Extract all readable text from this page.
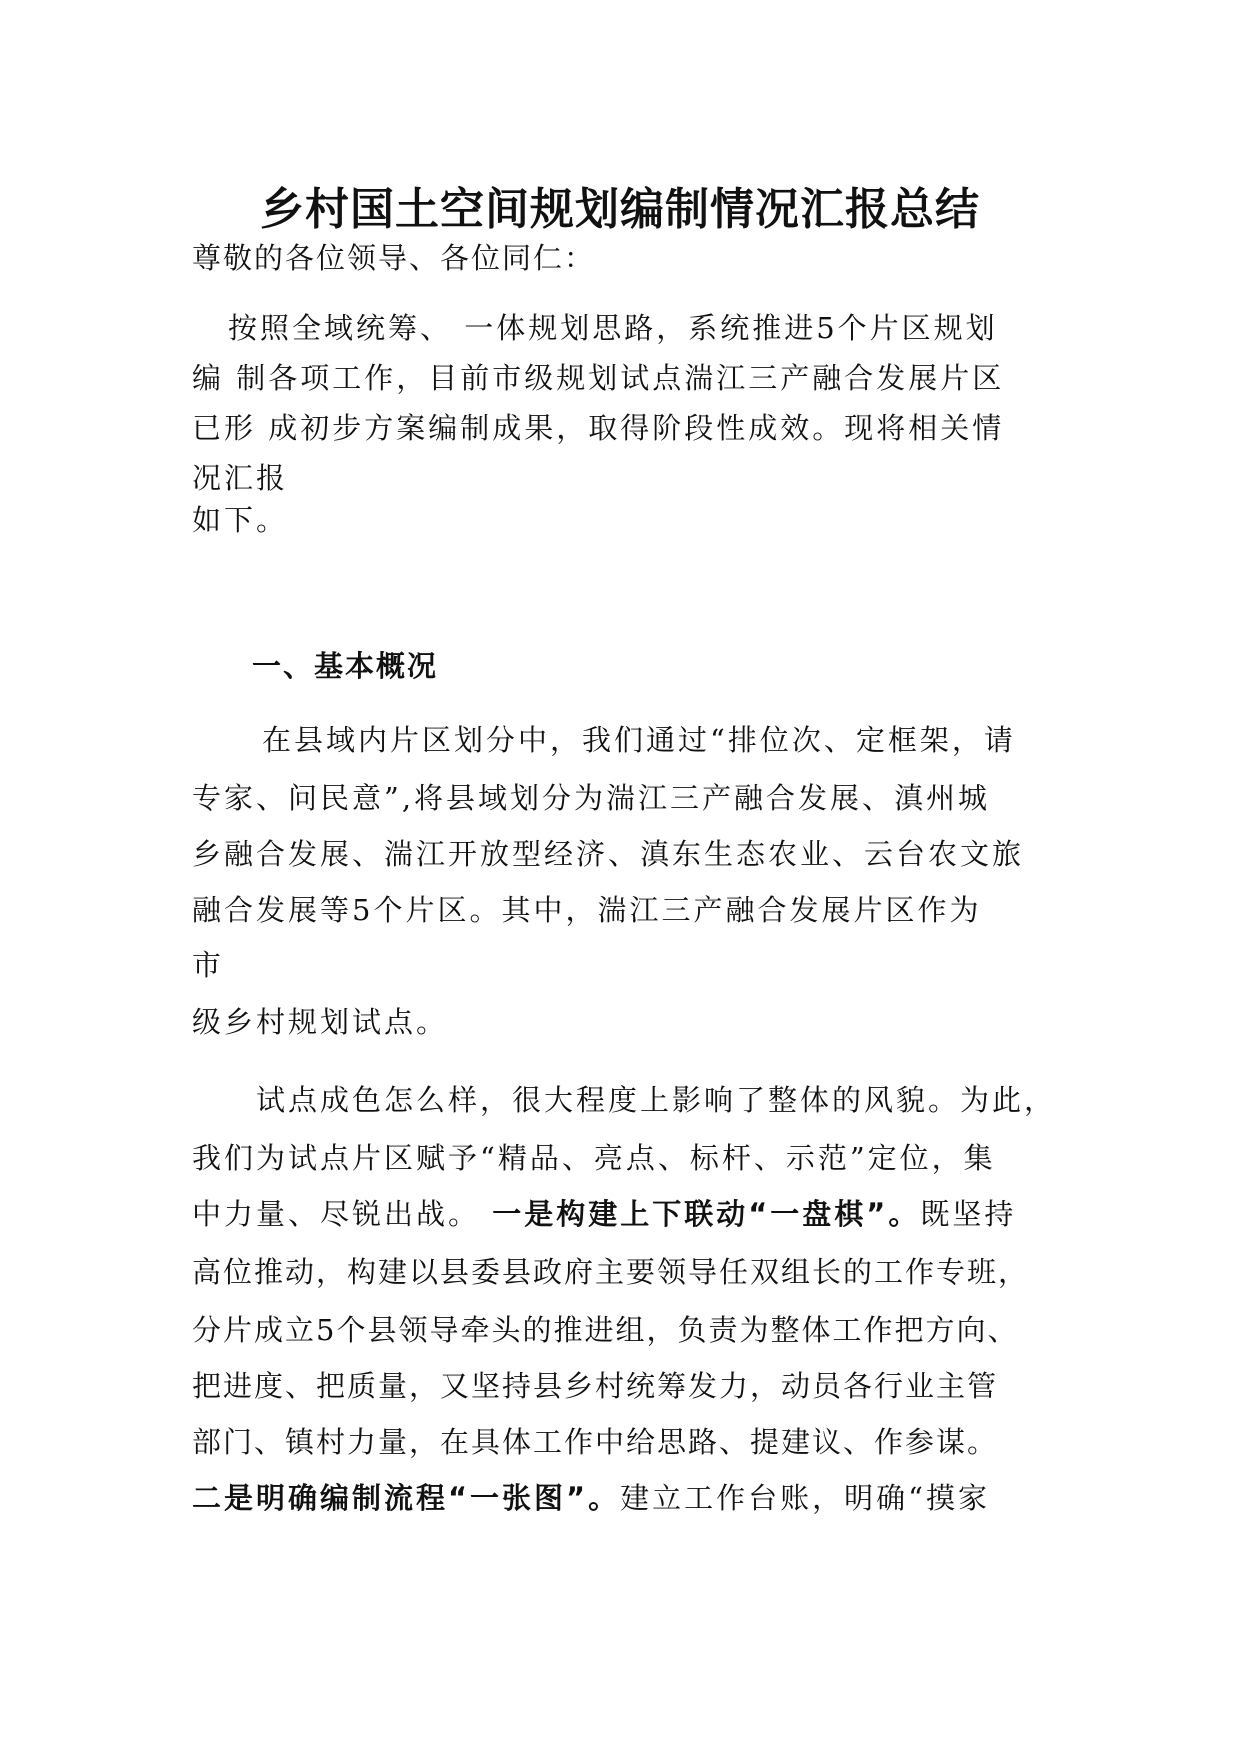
乡村国土空间规划编制情况汇报总结
尊敬的各位领导、各位同仁：
按照全域统筹、 一体规划思路，系统推进5个片区规划
编 制各项工作，目前市级规划试点湍江三产融合发展片区
已形 成初步方案编制成果，取得阶段性成效。现将相关情
况汇报
如下。
一、基本概况
在县域内片区划分中，我们通过“排位次、定框架，请
专家、问民意”,将县域划分为湍江三产融合发展、滇州城
乡融合发展、湍江开放型经济、滇东生态农业、云台农文旅
融合发展等5个片区。其中，湍江三产融合发展片区作为
市
级乡村规划试点。
试点成色怎么样，很大程度上影响了整体的风貌。为此，
我们为试点片区赋予“精品、亮点、标杆、示范”定位，集
中力量、尽锐出战。 一是构建上下联动“一盘棋”。既坚持
高位推动，构建以县委县政府主要领导任双组长的工作专班，
分片成立5个县领导牵头的推进组，负责为整体工作把方向、
把进度、把质量，又坚持县乡村统筹发力，动员各行业主管
部门、镇村力量，在具体工作中给思路、提建议、作参谋。
二是明确编制流程“一张图”。建立工作台账，明确“摸家
